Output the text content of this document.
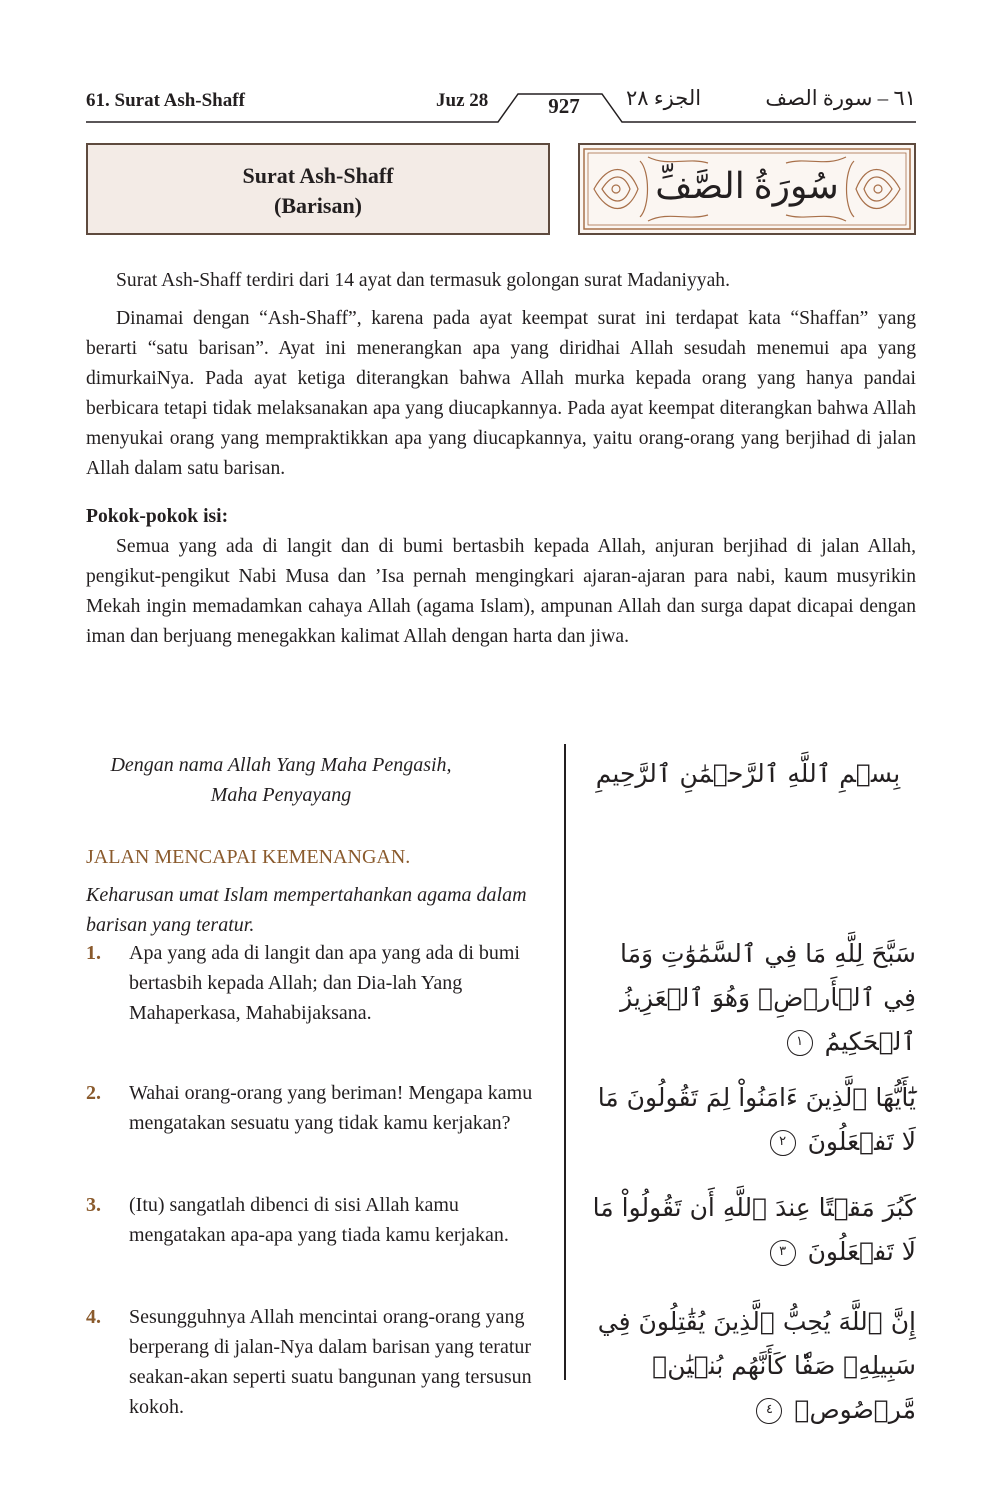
61. Surat Ash-Shaff	Juz 28	927	الجزء ٢٨	٦١ – سورة الصف
Surat Ash-Shaff
(Barisan)	سُورَةُ الصَّفِّ

Surat Ash-Shaff terdiri dari 14 ayat dan termasuk golongan surat Madaniyyah.

Dinamai dengan “Ash-Shaff”, karena pada ayat keempat surat ini terdapat kata “Shaffan” yang berarti “satu barisan”. Ayat ini menerangkan apa yang diridhai Allah sesudah menemui apa yang dimurkaiNya. Pada ayat ketiga diterangkan bahwa Allah murka kepada orang yang hanya pandai berbicara tetapi tidak melaksanakan apa yang diucapkannya. Pada ayat keempat diterangkan bahwa Allah menyukai orang yang mempraktikkan apa yang diucapkannya, yaitu orang-orang yang berjihad di jalan Allah dalam satu barisan.

Pokok-pokok isi:

Semua yang ada di langit dan di bumi bertasbih kepada Allah, anjuran berjihad di jalan Allah, pengikut-pengikut Nabi Musa dan ’Isa pernah mengingkari ajaran-ajaran para nabi, kaum musyrikin Mekah ingin memadamkan cahaya Allah (agama Islam), ampunan Allah dan surga dapat dicapai dengan iman dan berjuang menegakkan kalimat Allah dengan harta dan jiwa.

Dengan nama Allah Yang Maha Pengasih, Maha Penyayang
JALAN MENCAPAI KEMENANGAN.
Keharusan umat Islam mempertahankan agama dalam barisan yang teratur.
1. Apa yang ada di langit dan apa yang ada di bumi bertasbih kepada Allah; dan Dia-lah Yang Mahaperkasa, Mahabijaksana.
2. Wahai orang-orang yang beriman! Mengapa kamu mengatakan sesuatu yang tidak kamu kerjakan?
3. (Itu) sangatlah dibenci di sisi Allah kamu mengatakan apa-apa yang tiada kamu kerjakan.
4. Sesungguhnya Allah mencintai orang-orang yang berperang di jalan-Nya dalam barisan yang teratur seakan-akan seperti suatu bangunan yang tersusun kokoh.
بِسۡمِ ٱللَّهِ ٱلرَّحۡمَٰنِ ٱلرَّحِيمِ
سَبَّحَ لِلَّهِ مَا فِي ٱلسَّمَٰوَٰتِ وَمَا فِي ٱلۡأَرۡضِۖ وَهُوَ ٱلۡعَزِيزُ ٱلۡحَكِيمُ ١
يَٰٓأَيُّهَا ٱلَّذِينَ ءَامَنُواْ لِمَ تَقُولُونَ مَا لَا تَفۡعَلُونَ ٢
كَبُرَ مَقۡتًا عِندَ ٱللَّهِ أَن تَقُولُواْ مَا لَا تَفۡعَلُونَ ٣
إِنَّ ٱللَّهَ يُحِبُّ ٱلَّذِينَ يُقَٰتِلُونَ فِي سَبِيلِهِۦ صَفّٗا كَأَنَّهُم بُنۡيَٰنٞ مَّرۡصُوصٞ ٤
